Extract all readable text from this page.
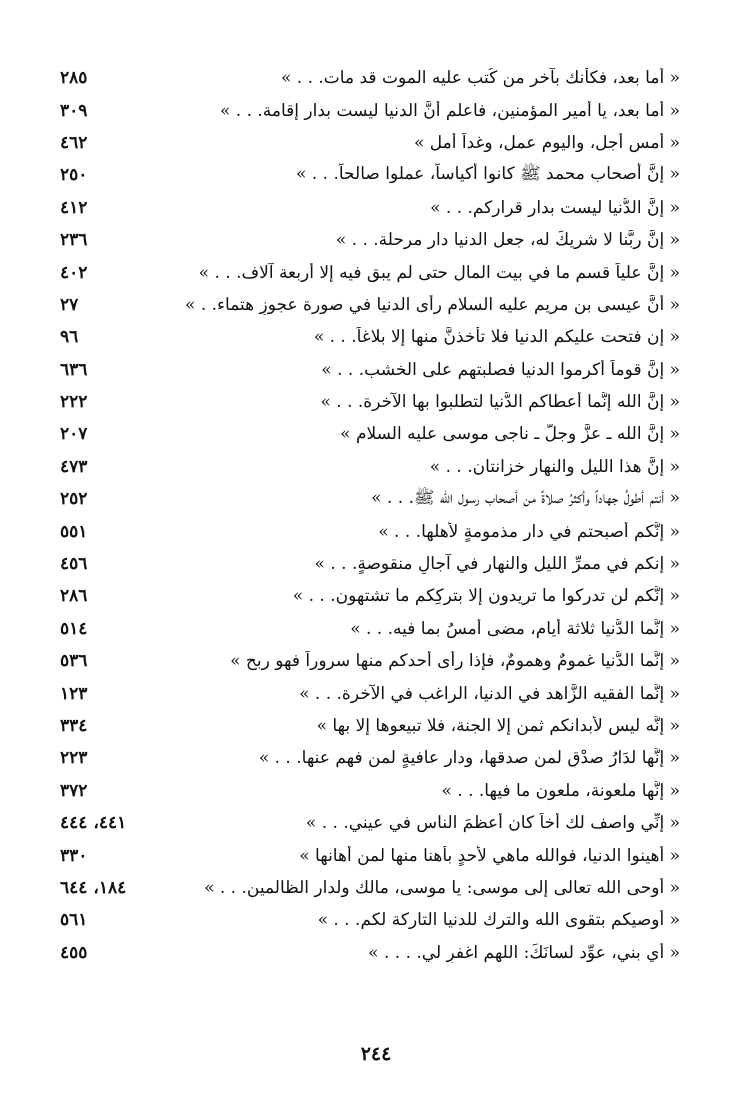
« أما بعد، فكأنك بآخر من كُتب عليه الموت قد مات. . . »
٢٨٥
« أما بعد، يا أمير المؤمنين، فاعلم أنَّ الدنيا ليست بدار إقامة. . . »
٣٠٩
« أمس أجل، واليوم عمل، وغداً أمل »
٤٦٢
« إنَّ أصحاب محمد ﷺ كانوا أكياساً، عملوا صالحاً. . . »
٢٥٠
« إنَّ الدُّنيا ليست بدار قراركم. . . »
٤١٢
« إنَّ ربَّنا لا شريكَ له، جعل الدنيا دار مرحلة. . . »
٢٣٦
« إنَّ علياً قسم ما في بيت المال حتى لم يبق فيه إلا أربعة آلاف. . . »
٤٠٢
« أنَّ عيسى بن مريم عليه السلام رأى الدنيا في صورة عجوزٍ هتماء. . »
٢٧
« إن فتحت عليكم الدنيا فلا تأخذنَّ منها إلا بلاغاً. . . »
٩٦
« إنَّ قوماً أكرموا الدنيا فصلبتهم على الخشب. . . »
٦٣٦
« إنَّ الله إنَّما أعطاكم الدُّنيا لتطلبوا بها الآخرة. . . »
٢٢٢
« إنَّ الله ـ عزَّ وجلَّ ـ ناجى موسى عليه السلام »
٢٠٧
« إنَّ هذا الليل والنهار خزانتان. . . »
٤٧٣
« أنتم أطولُ جهاداً وأكثرُ صلاةً من أصحاب رسول الله ﷺ. . . »
٢٥٢
« إنَّكم أصبحتم في دار مذمومةٍ لأهلها. . . »
٥٥١
« إنكم في ممرِّ الليل والنهار في آجالٍ منقوصةٍ. . . »
٤٥٦
« إنَّكم لن تدركوا ما تريدون إلا بتركِكم ما تشتهون. . . »
٢٨٦
« إنَّما الدُّنيا ثلاثة أيام، مضى أمسُ بما فيه. . . »
٥١٤
« إنَّما الدُّنيا غمومٌ وهمومٌ، فإذا رأى أحدكم منها سروراً فهو ربح »
٥٣٦
« إنَّما الفقيه الزَّاهد في الدنيا، الراغب في الآخرة. . . »
١٢٣
« إنَّه ليس لأبدانكم ثمن إلا الجنة، فلا تبيعوها إلا بها »
٣٣٤
« إنَّها لدَارُ صدْقٍ لمن صدقها، ودار عافيةٍ لمن فهم عنها. . . »
٢٢٣
« إنَّها ملعونة، ملعون ما فيها. . . »
٣٧٢
« إنِّي واصف لك أخاً كان أعظمَ الناس في عيني. . . »
٤٤١، ٤٤٤
« أهينوا الدنيا، فوالله ماهي لأحدٍ بأهنا منها لمن أهانها »
٣٣٠
« أوحى الله تعالى إلى موسى: يا موسى، مالك ولدار الظالمين. . . »
١٨٤، ٦٤٤
« أوصيكم بتقوى الله والترك للدنيا التاركة لكم. . . »
٥٦١
« أي بني، عوِّد لسانَكَ: اللهم اغفرِ لي. . . . »
٤٥٥
٢٤٤
